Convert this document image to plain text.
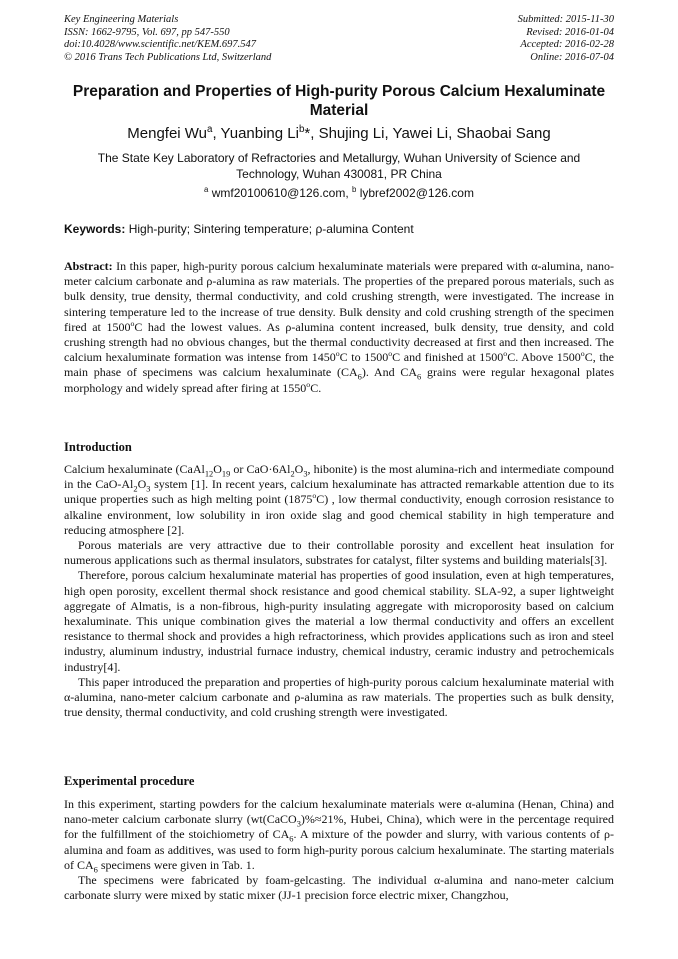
Key Engineering Materials
ISSN: 1662-9795, Vol. 697, pp 547-550
doi:10.4028/www.scientific.net/KEM.697.547
© 2016 Trans Tech Publications Ltd, Switzerland
Submitted: 2015-11-30
Revised: 2016-01-04
Accepted: 2016-02-28
Online: 2016-07-04
Preparation and Properties of High-purity Porous Calcium Hexaluminate Material
Mengfei Wu$^a$, Yuanbing Li$^b$*, Shujing Li, Yawei Li, Shaobai Sang
The State Key Laboratory of Refractories and Metallurgy, Wuhan University of Science and Technology, Wuhan 430081, PR China
$^a$ wmf20100610@126.com, $^b$ lybref2002@126.com
Keywords: High-purity; Sintering temperature; ρ-alumina Content

Abstract: In this paper, high-purity porous calcium hexaluminate materials were prepared with α-alumina, nano-meter calcium carbonate and ρ-alumina as raw materials. The properties of the prepared porous materials, such as bulk density, true density, thermal conductivity, and cold crushing strength, were investigated. The increase in sintering temperature led to the increase of true density. Bulk density and cold crushing strength of the specimen fired at 1500$^o$C had the lowest values. As ρ-alumina content increased, bulk density, true density, and cold crushing strength had no obvious changes, but the thermal conductivity decreased at first and then increased. The calcium hexaluminate formation was intense from 1450$^o$C to 1500$^o$C and finished at 1500$^o$C. Above 1500$^o$C, the main phase of specimens was calcium hexaluminate $(CA_6)$. And $CA_6$ grains were regular hexagonal plates morphology and widely spread after firing at 1550$^o$C.

Introduction

Calcium hexaluminate ($CaAl_{12}O_{19}$ or $CaO\cdot 6Al_2O_3$, hibonite) is the most alumina-rich and intermediate compound in the CaO-$Al_2O_3$ system [1]. In recent years, calcium hexaluminate has attracted remarkable attention due to its unique properties such as high melting point (1875$^o$C) , low thermal conductivity, enough corrosion resistance to alkaline environment, low solubility in iron oxide slag and good chemical stability in high temperature and reducing atmosphere [2].

Porous materials are very attractive due to their controllable porosity and excellent heat insulation for numerous applications such as thermal insulators, substrates for catalyst, filter systems and building materials[3].

Therefore, porous calcium hexaluminate material has properties of good insulation, even at high temperatures, high open porosity, excellent thermal shock resistance and good chemical stability. SLA-92, a super lightweight aggregate of Almatis, is a non-fibrous, high-purity insulating aggregate with microporosity based on calcium hexaluminate. This unique combination gives the material a low thermal conductivity and offers an excellent resistance to thermal shock and provides a high refractoriness, which provides applications such as iron and steel industry, aluminum industry, industrial furnace industry, chemical industry, ceramic industry and petrochemicals industry[4].

This paper introduced the preparation and properties of high-purity porous calcium hexaluminate material with α-alumina, nano-meter calcium carbonate and ρ-alumina as raw materials. The properties such as bulk density, true density, thermal conductivity, and cold crushing strength were investigated.

Experimental procedure

In this experiment, starting powders for the calcium hexaluminate materials were α-alumina (Henan, China) and nano-meter calcium carbonate slurry (wt(CaCO$_3$)%≈21%, Hubei, China), which were in the percentage required for the fulfillment of the stoichiometry of $CA_6$. A mixture of the powder and slurry, with various contents of ρ-alumina and foam as additives, was used to form high-purity porous calcium hexaluminate. The starting materials of $CA_6$ specimens were given in Tab. 1.

The specimens were fabricated by foam-gelcasting. The individual α-alumina and nano-meter calcium carbonate slurry were mixed by static mixer (JJ-1 precision force electric mixer, Changzhou,
